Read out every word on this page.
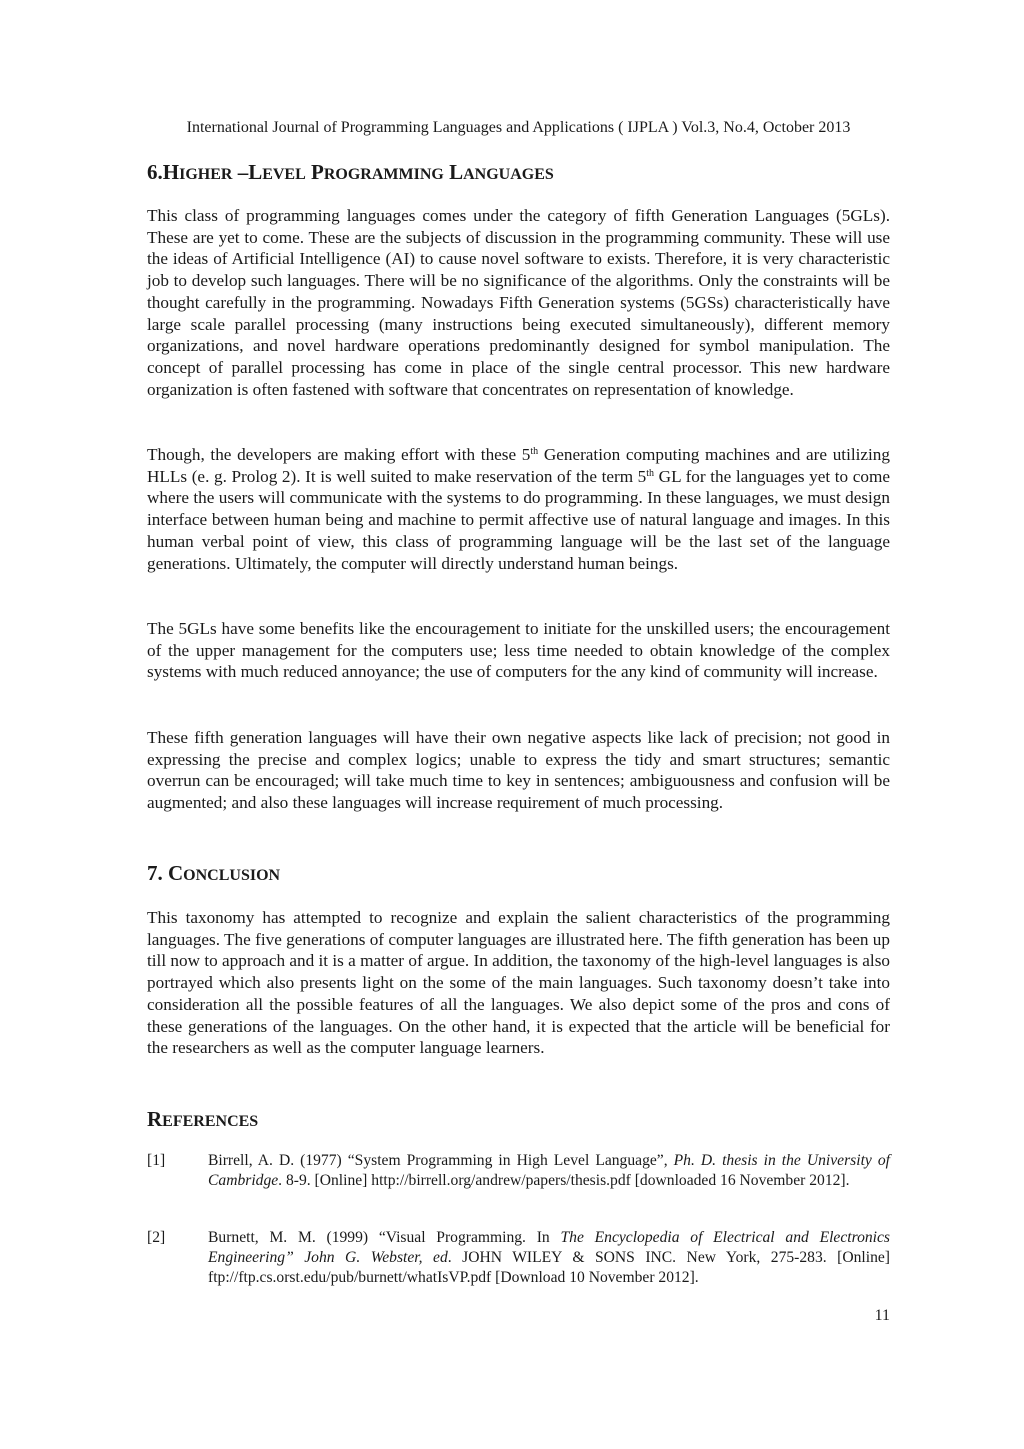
International Journal of Programming Languages and Applications ( IJPLA ) Vol.3, No.4, October 2013
6.HIGHER –LEVEL PROGRAMMING LANGUAGES

This class of programming languages comes under the category of fifth Generation Languages (5GLs). These are yet to come. These are the subjects of discussion in the programming community. These will use the ideas of Artificial Intelligence (AI) to cause novel software to exists. Therefore, it is very characteristic job to develop such languages. There will be no significance of the algorithms. Only the constraints will be thought carefully in the programming. Nowadays Fifth Generation systems (5GSs) characteristically have large scale parallel processing (many instructions being executed simultaneously), different memory organizations, and novel hardware operations predominantly designed for symbol manipulation. The concept of parallel processing has come in place of the single central processor. This new hardware organization is often fastened with software that concentrates on representation of knowledge.

Though, the developers are making effort with these 5th Generation computing machines and are utilizing HLLs (e. g. Prolog 2). It is well suited to make reservation of the term 5th GL for the languages yet to come where the users will communicate with the systems to do programming. In these languages, we must design interface between human being and machine to permit affective use of natural language and images. In this human verbal point of view, this class of programming language will be the last set of the language generations. Ultimately, the computer will directly understand human beings.

The 5GLs have some benefits like the encouragement to initiate for the unskilled users; the encouragement of the upper management for the computers use; less time needed to obtain knowledge of the complex systems with much reduced annoyance; the use of computers for the any kind of community will increase.

These fifth generation languages will have their own negative aspects like lack of precision; not good in expressing the precise and complex logics; unable to express the tidy and smart structures; semantic overrun can be encouraged; will take much time to key in sentences; ambiguousness and confusion will be augmented; and also these languages will increase requirement of much processing.

7. CONCLUSION

This taxonomy has attempted to recognize and explain the salient characteristics of the programming languages. The five generations of computer languages are illustrated here. The fifth generation has been up till now to approach and it is a matter of argue. In addition, the taxonomy of the high-level languages is also portrayed which also presents light on the some of the main languages. Such taxonomy doesn’t take into consideration all the possible features of all the languages. We also depict some of the pros and cons of these generations of the languages. On the other hand, it is expected that the article will be beneficial for the researchers as well as the computer language learners.

REFERENCES
[1]	Birrell, A. D. (1977) “System Programming in High Level Language”, Ph. D. thesis in the University of Cambridge. 8-9. [Online] http://birrell.org/andrew/papers/thesis.pdf [downloaded 16 November 2012].
[2]	Burnett, M. M. (1999) “Visual Programming. In The Encyclopedia of Electrical and Electronics Engineering” John G. Webster, ed. JOHN WILEY & SONS INC. New York, 275-283. [Online] ftp://ftp.cs.orst.edu/pub/burnett/whatIsVP.pdf [Download 10 November 2012].
11
